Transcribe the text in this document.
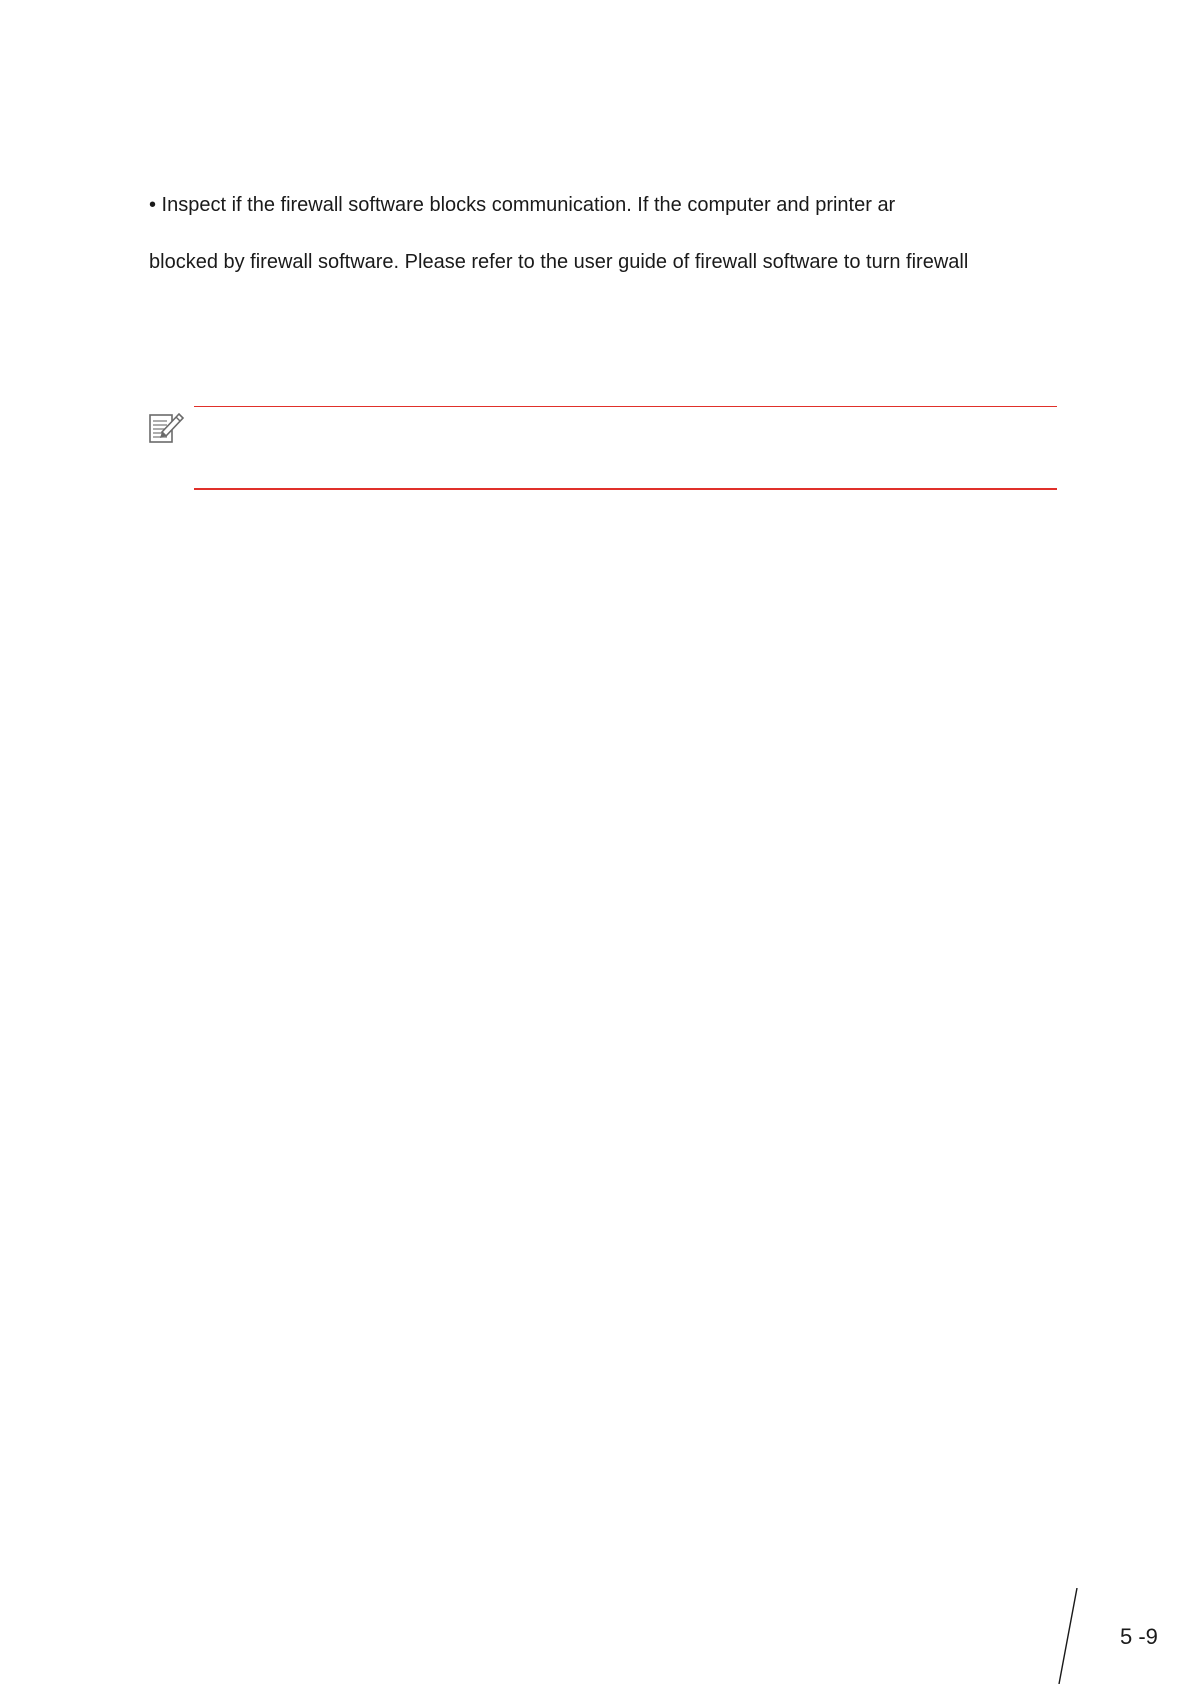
• Inspect if the firewall software blocks communication. If the computer and printer ar
blocked by firewall software. Please refer to the user guide of firewall software to turn firewall
5 -9
